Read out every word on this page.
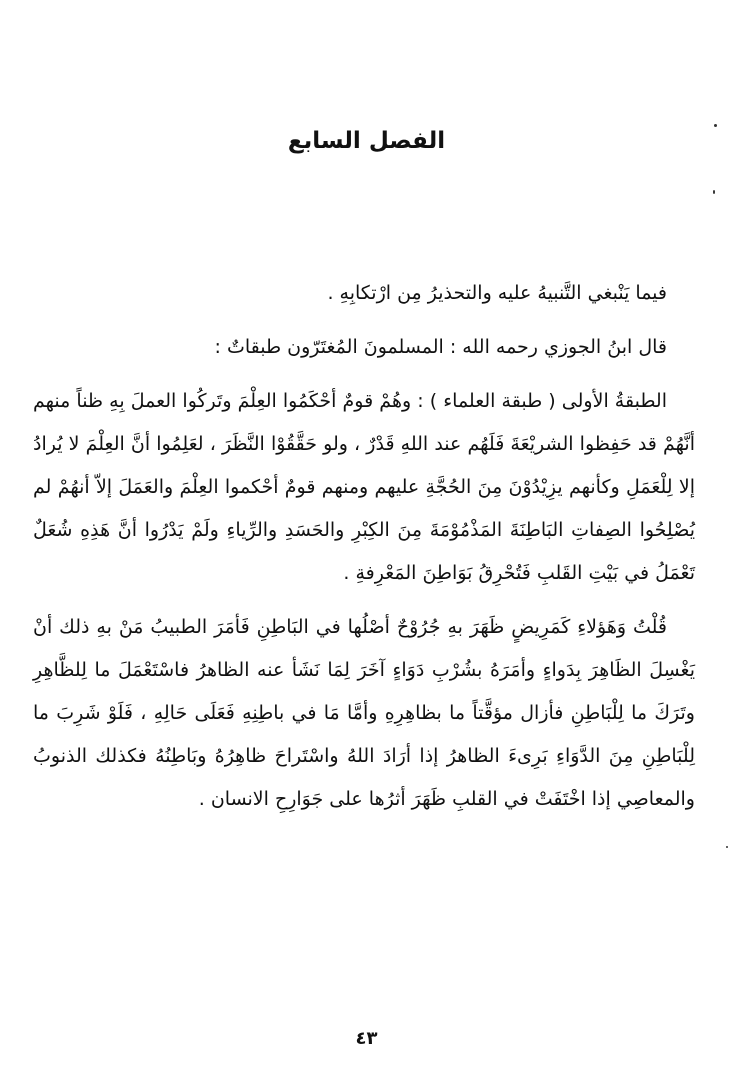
الفصل السابع

فيما يَنْبغي التَّنبيهُ عليه والتحذيرُ مِن ارْتكابِهِ .

قال ابنُ الجوزي رحمه الله : المسلمونَ المُغتَرّون طبقاتٌ :

الطبقةُ الأولى ( طبقة العلماء ) : وهُمْ قومٌ أحْكَمُوا العِلْمَ وتَركُوا العملَ بِهِ ظناً منهم أنَّهُمْ قد حَفِظوا الشريْعَةَ فَلَهُم عند اللهِ قَدْرٌ ، ولو حَقَّقُوْا النَّظَرَ ، لعَلِمُوا أنَّ العِلْمَ لا يُرادُ إلا لِلْعَمَلِ وكأنهم يزِيْدُوْنَ مِنَ الحُجَّةِ عليهم ومنهم قومٌ أحْكموا العِلْمَ والعَمَلَ إلاّ أنهُمْ لم يُصْلِحُوا الصِفاتِ البَاطِنَةَ المَذْمُوْمَةَ مِنَ الكِبْرِ والحَسَدِ والرِّياءِ ولَمْ يَدْرُوا أنَّ هَذِهِ شُعَلٌ تَعْمَلُ في بَيْتِ القَلبِ فَتُحْرِقُ بَوَاطِنَ المَعْرِفةِ .

قُلْتُ وَهَؤلاءِ كَمَرِيضٍ ظَهَرَ بهِ جُرُوْحٌ أصْلُها في البَاطِنِ فَأمَرَ الطبيبُ مَنْ بهِ ذلك أنْ يَغْسِلَ الظَاهِرَ بِدَواءٍ وأمَرَهُ بشُرْبِ دَوَاءٍ آخَرَ لِمَا نَشَأ عنه الظاهرُ فاسْتَعْمَلَ ما لِلظَّاهِرِ وتَرَكَ ما لِلْبَاطِنِ فأزال مؤقَّتاً ما بظاهِرِهِ وأمَّا مَا في باطِنِهِ فَعَلَى حَالِهِ ، فَلَوْ شَرِبَ ما لِلْبَاطِنِ مِنَ الدَّوَاءِ بَرِىءَ الظاهرُ إذا أرَادَ اللهُ واسْتَراحَ ظاهِرُهُ وبَاطِنُهُ فكذلك الذنوبُ والمعاصِي إذا اخْتَفَتْ في القلبِ ظَهَرَ أثرُها على جَوَارِحِ الانسان .

٤٣
